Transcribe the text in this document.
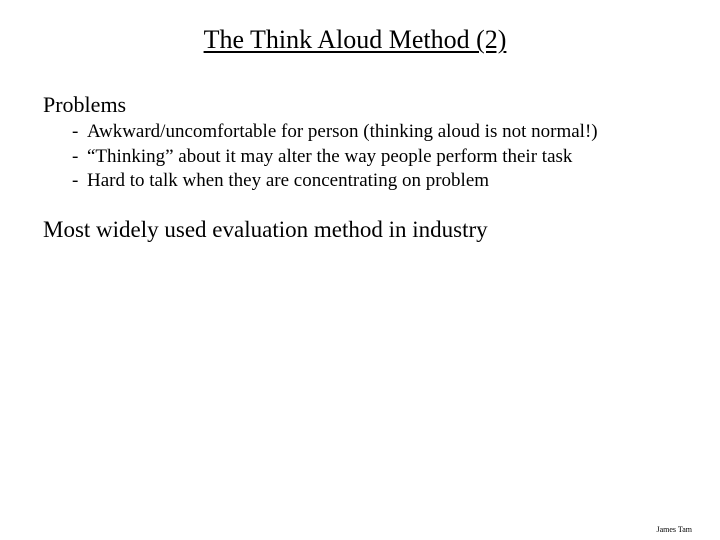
The Think Aloud Method (2)
Problems
- Awkward/uncomfortable for person (thinking aloud is not normal!)
- “Thinking” about it may alter the way people perform their task
- Hard to talk when they are concentrating on problem
Most widely used evaluation method in industry
James Tam
